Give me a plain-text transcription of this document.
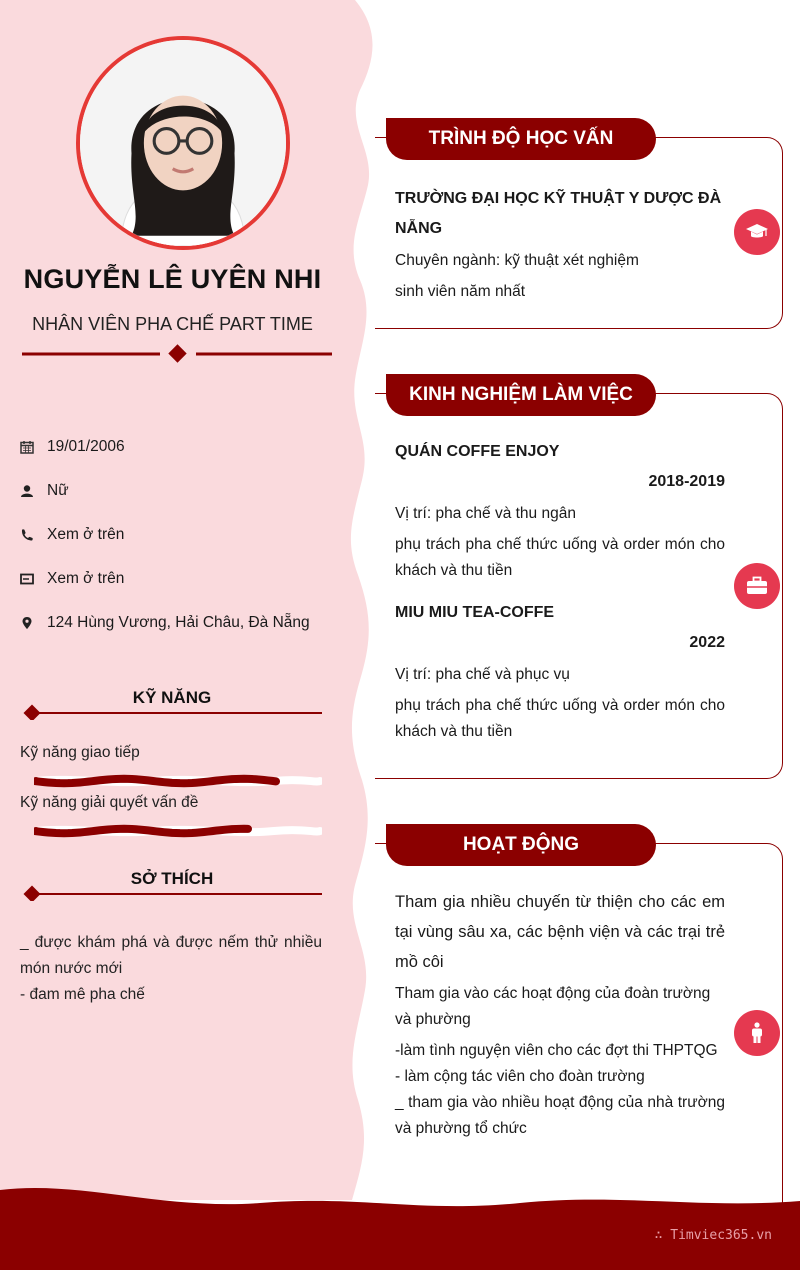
NGUYỄN LÊ UYÊN NHI
NHÂN VIÊN PHA CHẾ PART TIME
19/01/2006
Nữ
Xem ở trên
Xem ở trên
124 Hùng Vương, Hải Châu, Đà Nẵng
KỸ NĂNG
Kỹ năng giao tiếp
Kỹ năng giải quyết vấn đề
SỞ THÍCH

_ được khám phá và được nếm thử nhiều món nước mới

- đam mê pha chế

TRÌNH ĐỘ HỌC VẤN

TRƯỜNG ĐẠI HỌC KỸ THUẬT Y DƯỢC ĐÀ NẴNG

Chuyên ngành: kỹ thuật xét nghiệm

sinh viên năm nhất

KINH NGHIỆM LÀM VIỆC

QUÁN COFFE ENJOY

2018-2019

Vị trí: pha chế và thu ngân

phụ trách pha chế thức uống và order món cho khách và thu tiền

MIU MIU TEA-COFFE

2022

Vị trí: pha chế và phục vụ

phụ trách pha chế thức uống và order món cho khách và thu tiền

HOẠT ĐỘNG

Tham gia nhiều chuyến từ thiện cho các em tại vùng sâu xa, các bệnh viện và các trại trẻ mồ côi

Tham gia vào các hoạt động của đoàn trường và phường

-làm tình nguyện viên cho các đợt thi THPTQG

- làm cộng tác viên cho đoàn trường

_ tham gia vào nhiều hoạt động của nhà trường và phường tổ chức

∴ Timviec365.vn
